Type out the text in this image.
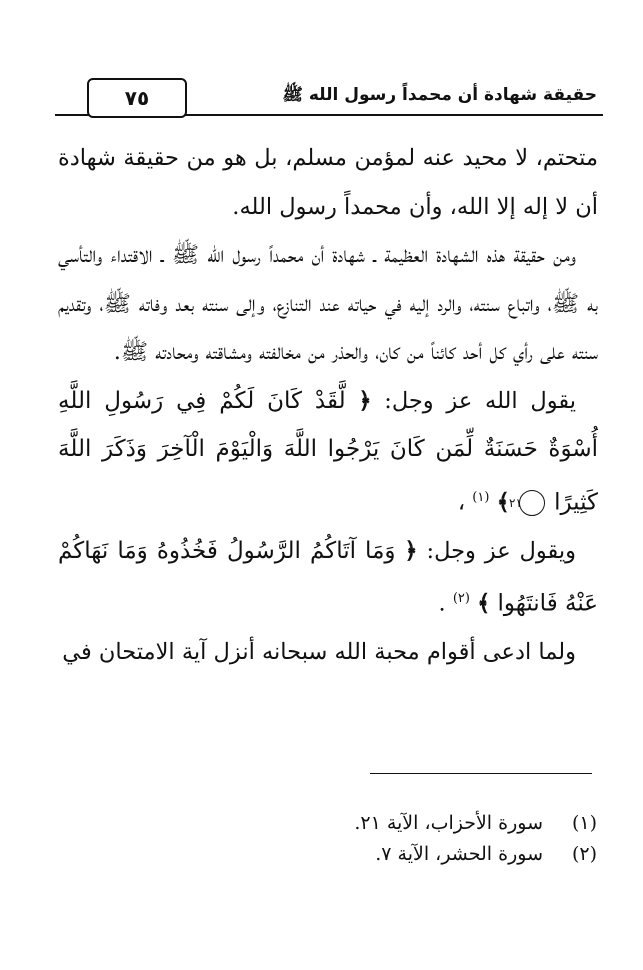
حقيقة شهادة أن محمداً رسول الله ﷺ
٧٥

متحتم، لا محيد عنه لمؤمن مسلم، بل هو من حقيقة شهادة أن لا إله إلا الله، وأن محمداً رسول الله.

ومن حقيقة هذه الشهادة العظيمة ـ شهادة أن محمداً رسول الله ﷺ ـ الاقتداء والتأسي به ﷺ، واتباع سنته، والرد إليه في حياته عند التنازع، وإلى سنته بعد وفاته ﷺ، وتقديم سنته على رأي كل أحد كائناً من كان، والحذر من مخالفته ومشاقته ومحادته ﷺ.

يقول الله عز وجل: ﴿ لَّقَدْ كَانَ لَكُمْ فِي رَسُولِ اللَّهِ أُسْوَةٌ حَسَنَةٌ لِّمَن كَانَ يَرْجُوا اللَّهَ وَالْيَوْمَ الْآخِرَ وَذَكَرَ اللَّهَ كَثِيرًا ٢١ ﴾ $^{(١)}$ ،

ويقول عز وجل: ﴿ وَمَا آتَاكُمُ الرَّسُولُ فَخُذُوهُ وَمَا نَهَاكُمْ عَنْهُ فَانتَهُوا ﴾ $^{(٢)}$ .

ولما ادعى أقوام محبة الله سبحانه أنزل آية الامتحان في

(١)
سورة الأحزاب، الآية ٢١.
(٢)
سورة الحشر، الآية ٧.
